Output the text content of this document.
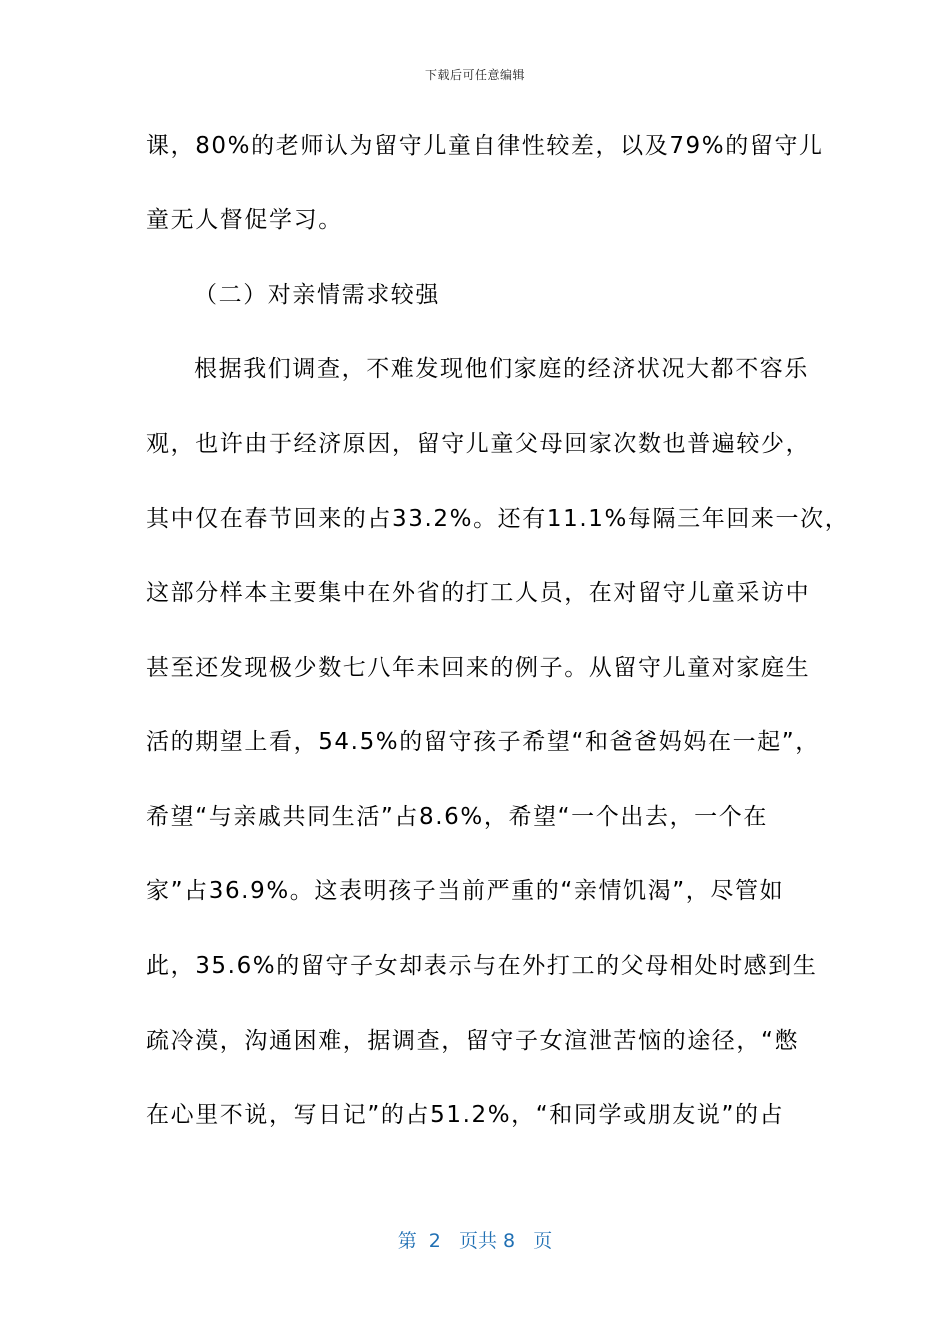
下载后可任意编辑
课，80%的老师认为留守儿童自律性较差，以及79%的留守儿
童无人督促学习。
（二）对亲情需求较强
根据我们调查，不难发现他们家庭的经济状况大都不容乐
观，也许由于经济原因，留守儿童父母回家次数也普遍较少，
其中仅在春节回来的占33.2%。还有11.1%每隔三年回来一次，
这部分样本主要集中在外省的打工人员，在对留守儿童采访中
甚至还发现极少数七八年未回来的例子。从留守儿童对家庭生
活的期望上看，54.5%的留守孩子希望“和爸爸妈妈在一起”，
希望“与亲戚共同生活”占8.6%，希望“一个出去，一个在
家”占36.9%。这表明孩子当前严重的“亲情饥渴”，尽管如
此，35.6%的留守子女却表示与在外打工的父母相处时感到生
疏冷漠，沟通困难，据调查，留守子女渲泄苦恼的途径，“憋
在心里不说，写日记”的占51.2%，“和同学或朋友说”的占
第  2   页共 8   页
